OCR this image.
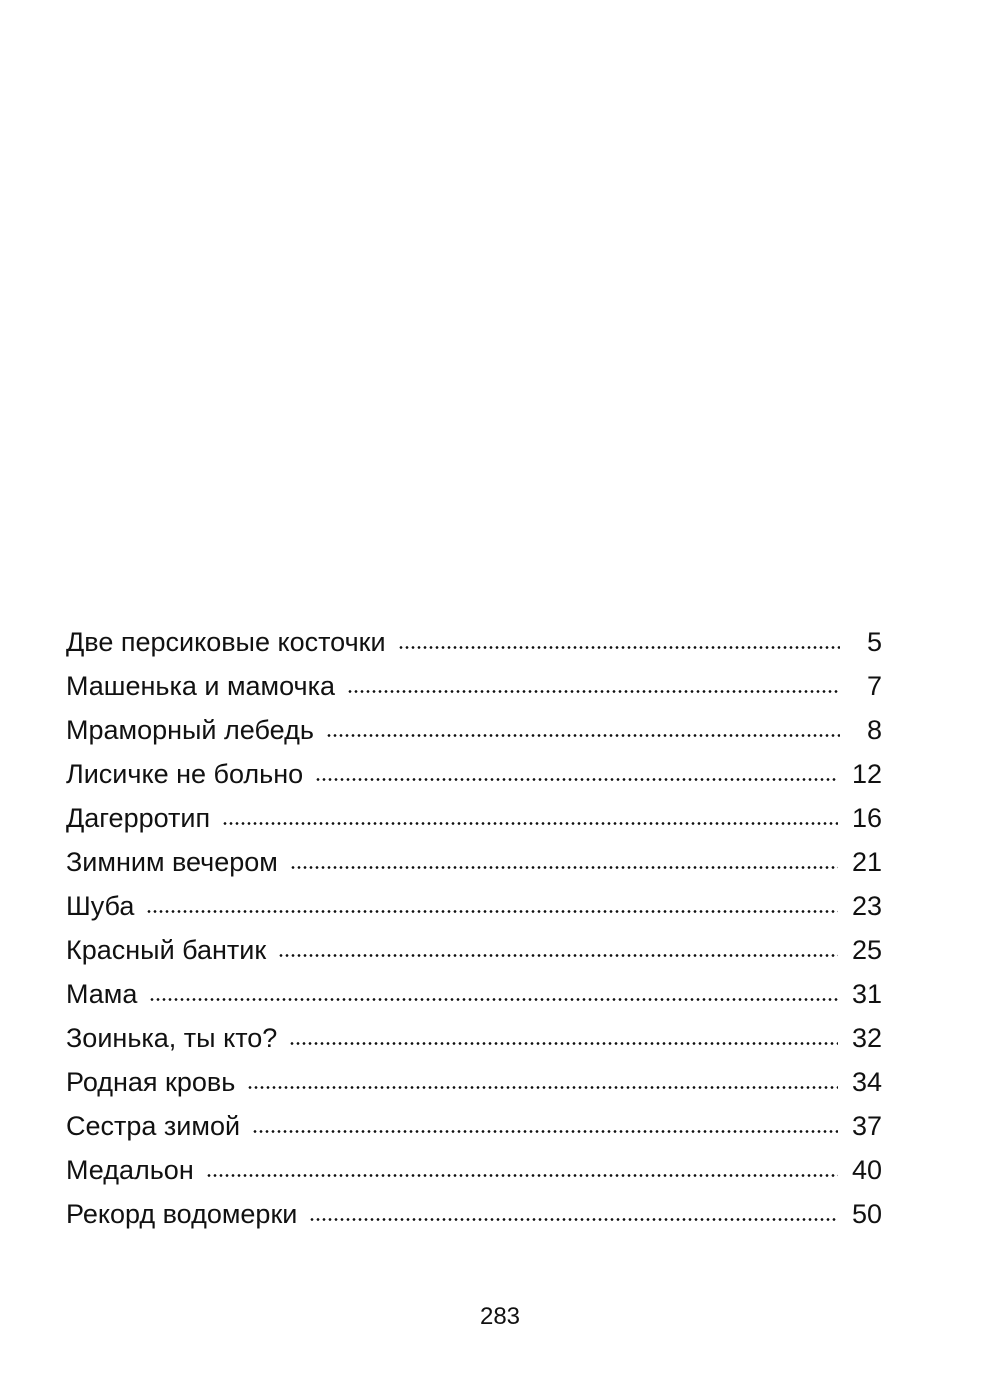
Две персиковые косточки	5
Машенька и мамочка	7
Мраморный лебедь	8
Лисичке не больно	12
Дагерротип	16
Зимним вечером	21
Шуба	23
Красный бантик	25
Мама	31
Зоинька, ты кто?	32
Родная кровь	34
Сестра зимой	37
Медальон	40
Рекорд водомерки	50
283
